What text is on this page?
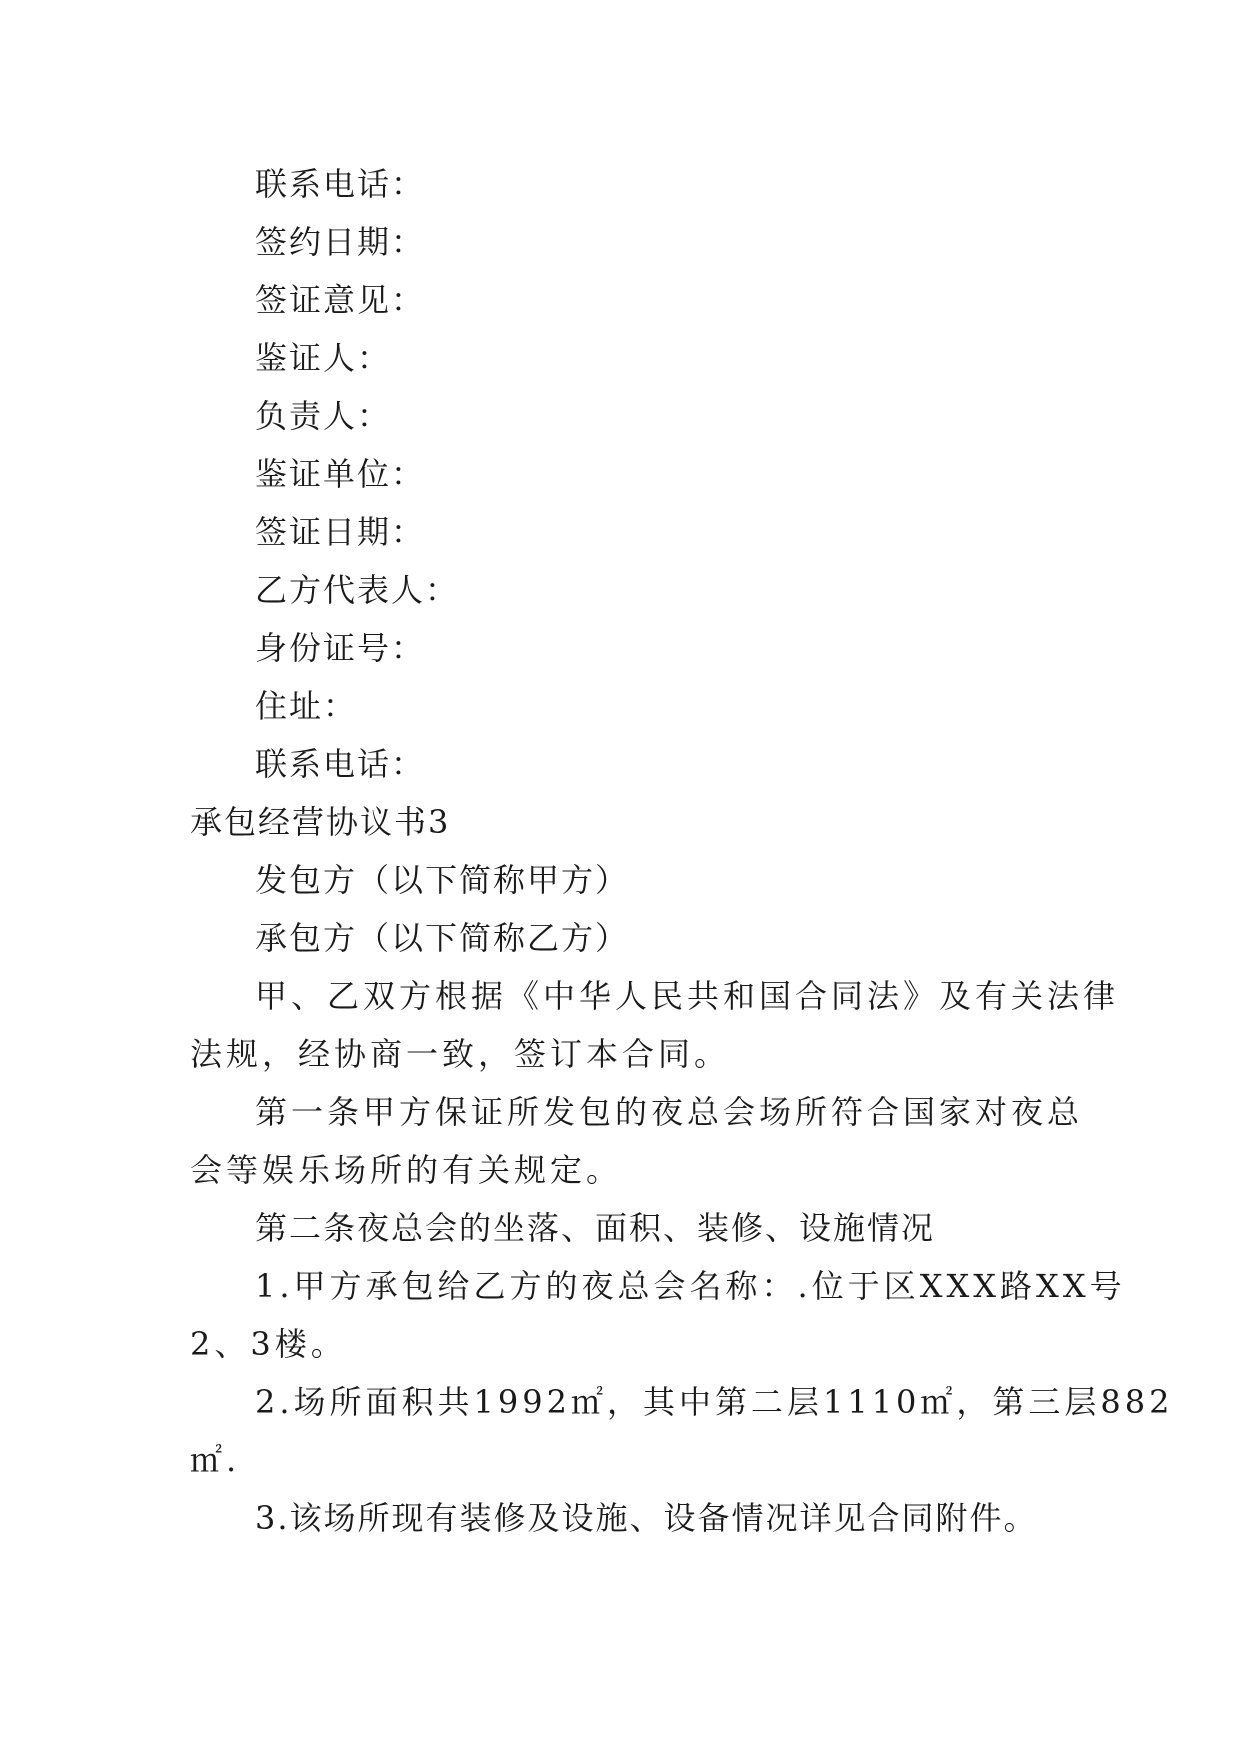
联系电话：
签约日期：
签证意见：
鉴证人：
负责人：
鉴证单位：
签证日期：
乙方代表人：
身份证号：
住址：
联系电话：
承包经营协议书3
发包方（以下简称甲方）
承包方（以下简称乙方）
甲、乙双方根据《中华人民共和国合同法》及有关法律
法规，经协商一致，签订本合同。
第一条甲方保证所发包的夜总会场所符合国家对夜总
会等娱乐场所的有关规定。
第二条夜总会的坐落、面积、装修、设施情况
1.甲方承包给乙方的夜总会名称：.位于区XXX路XX号
2、3楼。
2.场所面积共1992㎡，其中第二层1110㎡，第三层882
㎡.
3.该场所现有装修及设施、设备情况详见合同附件。
